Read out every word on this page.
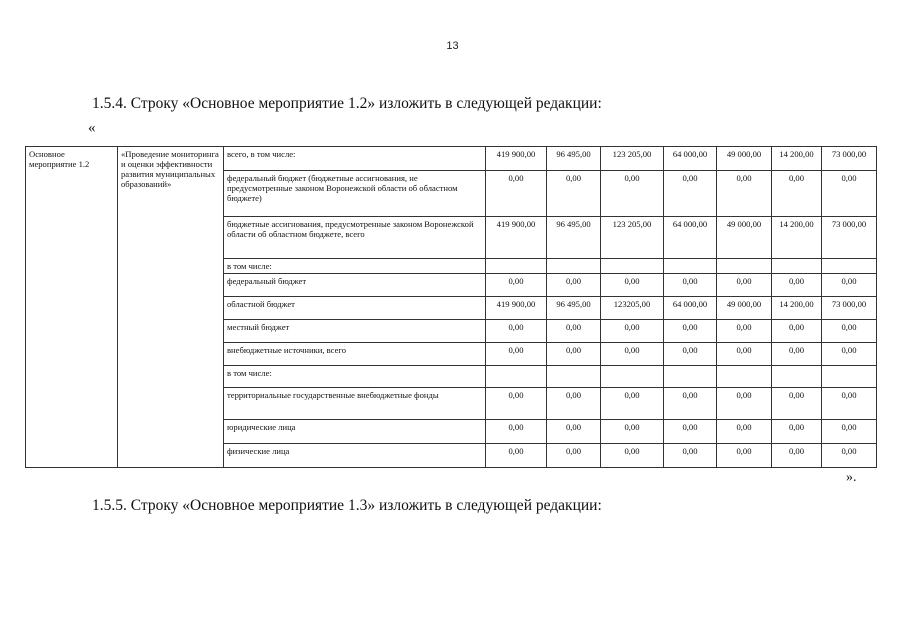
13
1.5.4. Строку «Основное мероприятие 1.2» изложить в следующей редакции:
«
Основное мероприятие 1.2	«Проведение мониторинга и оценки эффективности развития муниципальных образований»	всего, в том числе:	419 900,00	96 495,00	123 205,00	64 000,00	49 000,00	14 200,00	73 000,00
		федеральный бюджет (бюджетные ассигнования, не предусмотренные законом Воронежской области об областном бюджете)	0,00	0,00	0,00	0,00	0,00	0,00	0,00
		бюджетные ассигнования, предусмотренные законом Воронежской области об областном бюджете, всего	419 900,00	96 495,00	123 205,00	64 000,00	49 000,00	14 200,00	73 000,00
		в том числе:							
		федеральный бюджет	0,00	0,00	0,00	0,00	0,00	0,00	0,00
		областной бюджет	419 900,00	96 495,00	123205,00	64 000,00	49 000,00	14 200,00	73 000,00
		местный бюджет	0,00	0,00	0,00	0,00	0,00	0,00	0,00
		внебюджетные источники, всего	0,00	0,00	0,00	0,00	0,00	0,00	0,00
		в том числе:							
		территориальные государственные внебюджетные фонды	0,00	0,00	0,00	0,00	0,00	0,00	0,00
		юридические лица	0,00	0,00	0,00	0,00	0,00	0,00	0,00
		физические лица	0,00	0,00	0,00	0,00	0,00	0,00	0,00
».
1.5.5. Строку «Основное мероприятие 1.3» изложить в следующей редакции:
